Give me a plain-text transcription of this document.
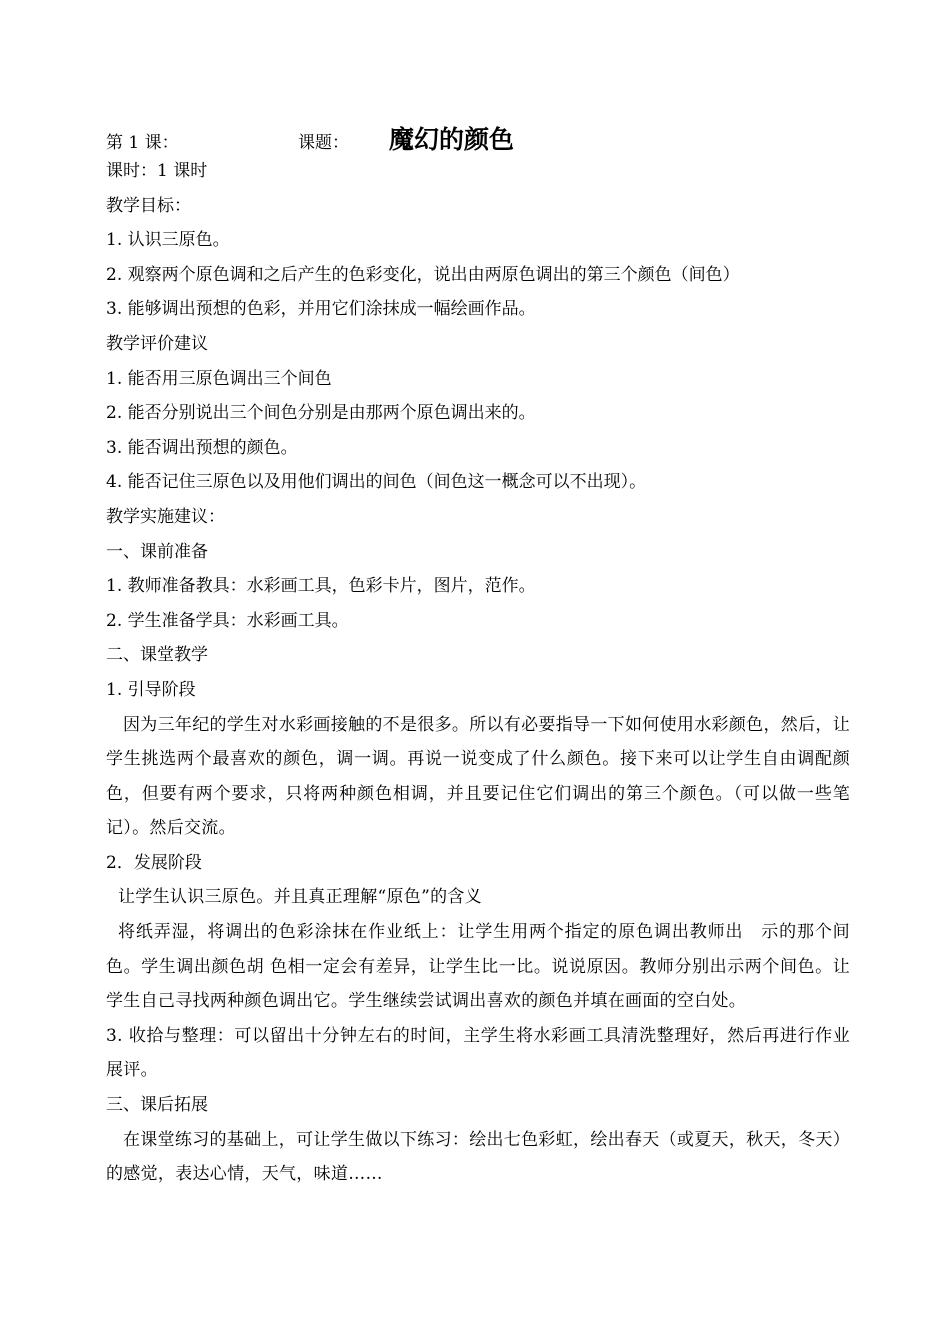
第 1 课：	课题： 魔幻的颜色
课时：1 课时
教学目标：
1. 认识三原色。
2. 观察两个原色调和之后产生的色彩变化，说出由两原色调出的第三个颜色（间色）
3. 能够调出预想的色彩，并用它们涂抹成一幅绘画作品。
教学评价建议
1. 能否用三原色调出三个间色
2. 能否分别说出三个间色分别是由那两个原色调出来的。
3. 能否调出预想的颜色。
4. 能否记住三原色以及用他们调出的间色（间色这一概念可以不出现）。
教学实施建议：
一、课前准备
1. 教师准备教具：水彩画工具，色彩卡片，图片，范作。
2. 学生准备学具：水彩画工具。
二、课堂教学
1. 引导阶段
因为三年纪的学生对水彩画接触的不是很多。所以有必要指导一下如何使用水彩颜色，然后，让学生挑选两个最喜欢的颜色，调一调。再说一说变成了什么颜色。接下来可以让学生自由调配颜色，但要有两个要求，只将两种颜色相调，并且要记住它们调出的第三个颜色。（可以做一些笔记）。然后交流。
2．发展阶段
让学生认识三原色。并且真正理解“原色”的含义
将纸弄湿，将调出的色彩涂抹在作业纸上：让学生用两个指定的原色调出教师出　示的那个间色。学生调出颜色胡 色相一定会有差异，让学生比一比。说说原因。教师分别出示两个间色。让学生自己寻找两种颜色调出它。学生继续尝试调出喜欢的颜色并填在画面的空白处。
3. 收拾与整理：可以留出十分钟左右的时间，主学生将水彩画工具清洗整理好，然后再进行作业展评。
三、课后拓展
在课堂练习的基础上，可让学生做以下练习：绘出七色彩虹，绘出春天（或夏天，秋天，冬天）的感觉，表达心情，天气，味道……
